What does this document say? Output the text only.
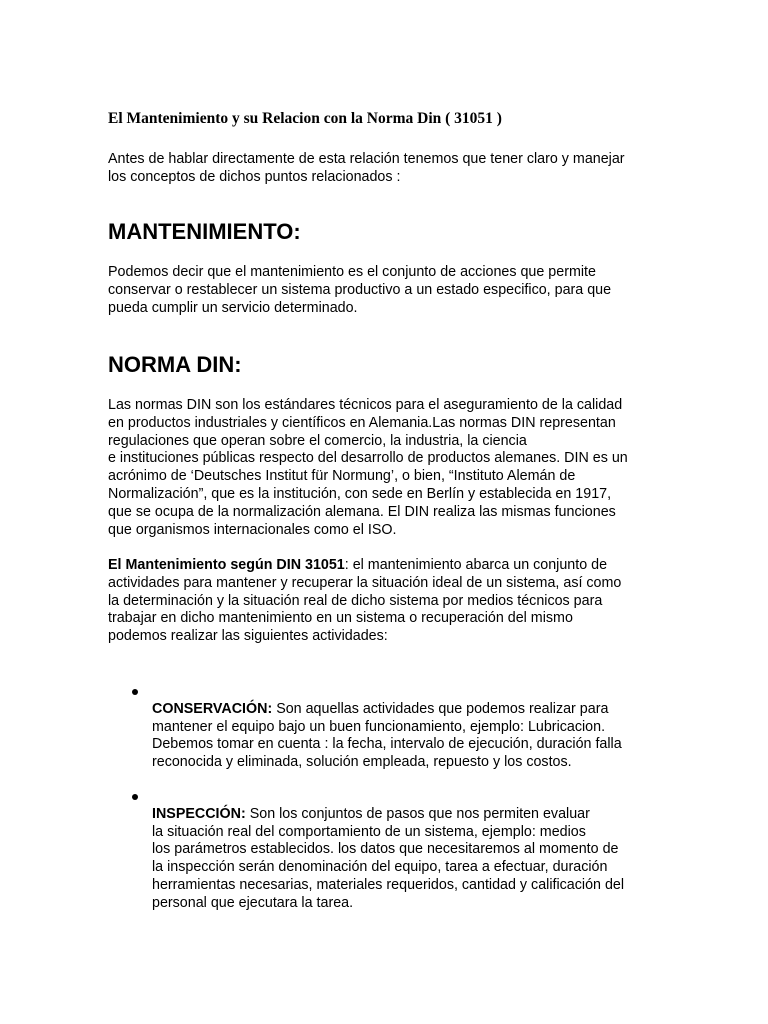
El Mantenimiento y su Relacion con la Norma Din ( 31051 )

Antes de hablar directamente de esta relación tenemos que tener claro y manejar
los conceptos de dichos puntos relacionados :

MANTENIMIENTO:

Podemos decir que el mantenimiento es el conjunto de acciones que permite
conservar o restablecer un sistema productivo a un estado especifico, para que
pueda cumplir un servicio determinado.

NORMA DIN:

Las normas DIN son los estándares técnicos para el aseguramiento de la calidad
en productos industriales y científicos en Alemania.Las normas DIN representan
regulaciones que operan sobre el comercio, la industria, la ciencia
e instituciones públicas respecto del desarrollo de productos alemanes. DIN es un
acrónimo de ‘Deutsches Institut für Normung’, o bien, “Instituto Alemán de
Normalización”, que es la institución, con sede en Berlín y establecida en 1917,
que se ocupa de la normalización alemana. El DIN realiza las mismas funciones
que organismos internacionales como el ISO.

El Mantenimiento según DIN 31051: el mantenimiento abarca un conjunto de
actividades para mantener y recuperar la situación ideal de un sistema, así como
la determinación y la situación real de dicho sistema por medios técnicos para
trabajar en dicho mantenimiento en un sistema o recuperación del mismo
podemos realizar las siguientes actividades:

CONSERVACIÓN: Son aquellas actividades que podemos realizar para
mantener el equipo bajo un buen funcionamiento, ejemplo: Lubricacion.
Debemos tomar en cuenta : la fecha, intervalo de ejecución, duración falla
reconocida y eliminada, solución empleada, repuesto y los costos.

INSPECCIÓN: Son los conjuntos de pasos que nos permiten evaluar
la situación real del comportamiento de un sistema, ejemplo: medios
los parámetros establecidos. los datos que necesitaremos al momento de
la inspección serán denominación del equipo, tarea a efectuar, duración
herramientas necesarias, materiales requeridos, cantidad y calificación del
personal que ejecutara la tarea.
